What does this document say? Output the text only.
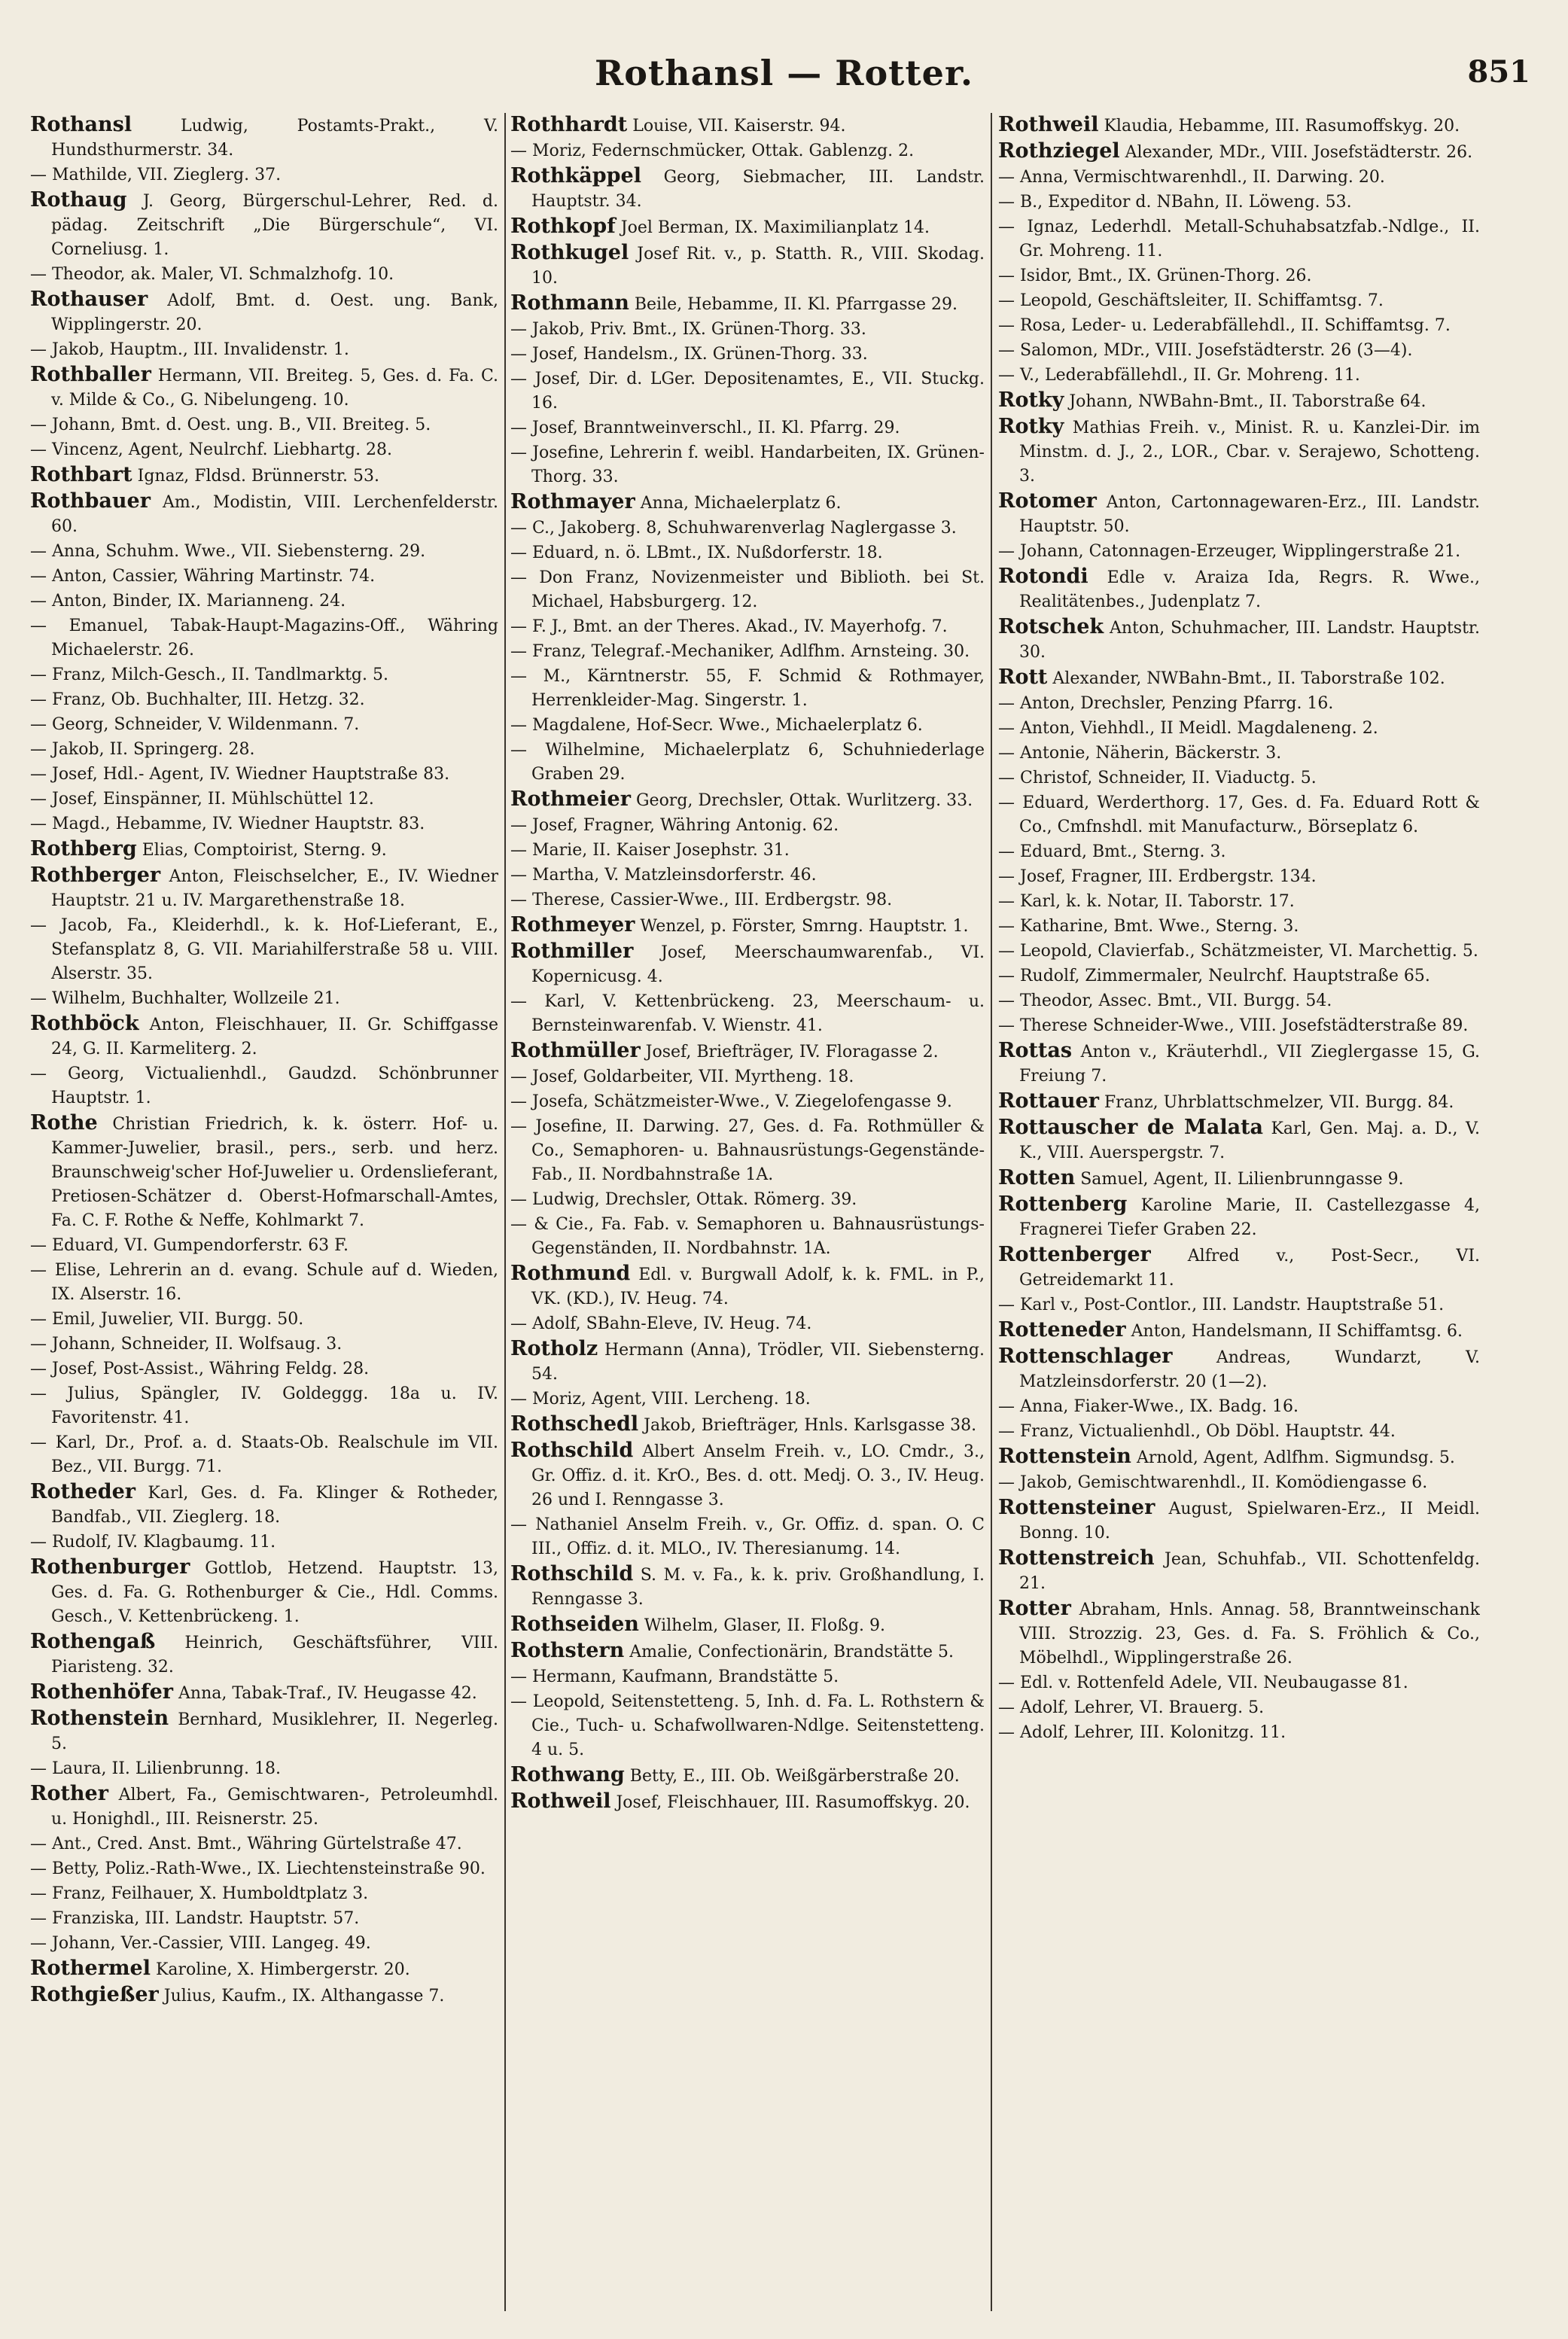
Rothansl — Rotter.	851
Rothansl	Ludwig, Postamts-Prakt., V. Hundsthurmerstr. 34.
— Mathilde, VII. Zieglerg. 37.
Rothaug J. Georg, Bürgerschul-Lehrer, Red. d. pädag. Zeitschrift „Die Bürgerschule“, VI. Corneliusg. 1.
— Theodor, ak. Maler, VI. Schmalzhofg. 10.
Rothauser Adolf, Bmt. d. Oest. ung. Bank, Wipplingerstr. 20.
— Jakob, Hauptm., III. Invalidenstr. 1.
Rothballer Hermann, VII. Breiteg. 5, Ges. d. Fa. C. v. Milde & Co., G. Nibelungeng. 10.
— Johann, Bmt. d. Oest. ung. B., VII. Breiteg. 5.
— Vincenz, Agent, Neulrchf. Liebhartg. 28.
Rothbart Ignaz, Fldsd. Brünnerstr. 53.
Rothbauer Am., Modistin, VIII. Lerchenfelderstr. 60.
— Anna, Schuhm. Wwe., VII. Siebensterng. 29.
— Anton, Cassier, Währing Martinstr. 74.
— Anton, Binder, IX. Marianneng. 24.
— Emanuel, Tabak-Haupt-Magazins-Off., Währing Michaelerstr. 26.
— Franz, Milch-Gesch., II. Tandlmarktg. 5.
— Franz, Ob. Buchhalter, III. Hetzg. 32.
— Georg, Schneider, V. Wildenmann. 7.
— Jakob, II. Springerg. 28.
— Josef, Hdl.- Agent, IV. Wiedner Hauptstraße 83.
— Josef, Einspänner, II. Mühlschüttel 12.
— Magd., Hebamme, IV. Wiedner Hauptstr. 83.
Rothberg Elias, Comptoirist, Sterng. 9.
Rothberger Anton, Fleischselcher, E., IV. Wiedner Hauptstr. 21 u. IV. Margarethenstraße 18.
— Jacob, Fa., Kleiderhdl., k. k. Hof-Lieferant, E., Stefansplatz 8, G. VII. Mariahilferstraße 58 u. VIII. Alserstr. 35.
— Wilhelm, Buchhalter, Wollzeile 21.
Rothböck Anton, Fleischhauer, II. Gr. Schiffgasse 24, G. II. Karmeliterg. 2.
— Georg, Victualienhdl., Gaudzd. Schönbrunner Hauptstr. 1.
Rothe Christian Friedrich, k. k. österr. Hof- u. Kammer-Juwelier, brasil., pers., serb. und herz. Braunschweig'scher Hof-Juwelier u. Ordenslieferant, Pretiosen-Schätzer d. Oberst-Hofmarschall-Amtes, Fa. C. F. Rothe & Neffe, Kohlmarkt 7.
— Eduard, VI. Gumpendorferstr. 63 F.
— Elise, Lehrerin an d. evang. Schule auf d. Wieden, IX. Alserstr. 16.
— Emil, Juwelier, VII. Burgg. 50.
— Johann, Schneider, II. Wolfsaug. 3.
— Josef, Post-Assist., Währing Feldg. 28.
— Julius, Spängler, IV. Goldeggg. 18a u. IV. Favoritenstr. 41.
— Karl, Dr., Prof. a. d. Staats-Ob. Realschule im VII. Bez., VII. Burgg. 71.
Rotheder Karl, Ges. d. Fa. Klinger & Rotheder, Bandfab., VII. Zieglerg. 18.
— Rudolf, IV. Klagbaumg. 11.
Rothenburger Gottlob, Hetzend. Hauptstr. 13, Ges. d. Fa. G. Rothenburger & Cie., Hdl. Comms. Gesch., V. Kettenbrückeng. 1.
Rothengaß Heinrich, Geschäftsführer, VIII. Piaristeng. 32.
Rothenhöfer Anna, Tabak-Traf., IV. Heugasse 42.
Rothenstein Bernhard, Musiklehrer, II. Negerleg. 5.
— Laura, II. Lilienbrunng. 18.
Rother Albert, Fa., Gemischtwaren-, Petroleumhdl. u. Honighdl., III. Reisnerstr. 25.
— Ant., Cred. Anst. Bmt., Währing Gürtelstraße 47.
— Betty, Poliz.-Rath-Wwe., IX. Liechtensteinstraße 90.
— Franz, Feilhauer, X. Humboldtplatz 3.
— Franziska, III. Landstr. Hauptstr. 57.
— Johann, Ver.-Cassier, VIII. Langeg. 49.
Rothermel Karoline, X. Himbergerstr. 20.
Rothgießer Julius, Kaufm., IX. Althangasse 7.
Rothhardt Louise, VII. Kaiserstr. 94.
— Moriz, Federnschmücker, Ottak. Gablenzg. 2.
Rothkäppel Georg, Siebmacher, III. Landstr. Hauptstr. 34.
Rothkopf Joel Berman, IX. Maximilianplatz 14.
Rothkugel Josef Rit. v., p. Statth. R., VIII. Skodag. 10.
Rothmann Beile, Hebamme, II. Kl. Pfarrgasse 29.
— Jakob, Priv. Bmt., IX. Grünen-Thorg. 33.
— Josef, Handelsm., IX. Grünen-Thorg. 33.
— Josef, Dir. d. LGer. Depositenamtes, E., VII. Stuckg. 16.
— Josef, Branntweinverschl., II. Kl. Pfarrg. 29.
— Josefine, Lehrerin f. weibl. Handarbeiten, IX. Grünen-Thorg. 33.
Rothmayer Anna, Michaelerplatz 6.
— C., Jakoberg. 8, Schuhwarenverlag Naglergasse 3.
— Eduard, n. ö. LBmt., IX. Nußdorferstr. 18.
— Don Franz, Novizenmeister und Biblioth. bei St. Michael, Habsburgerg. 12.
— F. J., Bmt. an der Theres. Akad., IV. Mayerhofg. 7.
— Franz, Telegraf.-Mechaniker, Adlfhm. Arnsteing. 30.
— M., Kärntnerstr. 55, F. Schmid & Rothmayer, Herrenkleider-Mag. Singerstr. 1.
— Magdalene, Hof-Secr. Wwe., Michaelerplatz 6.
— Wilhelmine, Michaelerplatz 6, Schuhniederlage Graben 29.
Rothmeier Georg, Drechsler, Ottak. Wurlitzerg. 33.
— Josef, Fragner, Währing Antonig. 62.
— Marie, II. Kaiser Josephstr. 31.
— Martha, V. Matzleinsdorferstr. 46.
— Therese, Cassier-Wwe., III. Erdbergstr. 98.
Rothmeyer Wenzel, p. Förster, Smrng. Hauptstr. 1.
Rothmiller Josef, Meerschaumwarenfab., VI. Kopernicusg. 4.
— Karl, V. Kettenbrückeng. 23, Meerschaum- u. Bernsteinwarenfab. V. Wienstr. 41.
Rothmüller Josef, Briefträger, IV. Floragasse 2.
— Josef, Goldarbeiter, VII. Myrtheng. 18.
— Josefa, Schätzmeister-Wwe., V. Ziegelofengasse 9.
— Josefine, II. Darwing. 27, Ges. d. Fa. Rothmüller & Co., Semaphoren- u. Bahnausrüstungs-Gegenstände-Fab., II. Nordbahnstraße 1A.
— Ludwig, Drechsler, Ottak. Römerg. 39.
— & Cie., Fa. Fab. v. Semaphoren u. Bahnausrüstungs-Gegenständen, II. Nordbahnstr. 1A.
Rothmund Edl. v. Burgwall Adolf, k. k. FML. in P., VK. (KD.), IV. Heug. 74.
— Adolf, SBahn-Eleve, IV. Heug. 74.
Rotholz Hermann (Anna), Trödler, VII. Siebensterng. 54.
— Moriz, Agent, VIII. Lercheng. 18.
Rothschedl Jakob, Briefträger, Hnls. Karlsgasse 38.
Rothschild Albert Anselm Freih. v., LO. Cmdr., 3., Gr. Offiz. d. it. KrO., Bes. d. ott. Medj. O. 3., IV. Heug. 26 und I. Renngasse 3.
— Nathaniel Anselm Freih. v., Gr. Offiz. d. span. O. C III., Offiz. d. it. MLO., IV. Theresianumg. 14.
Rothschild S. M. v. Fa., k. k. priv. Großhandlung, I. Renngasse 3.
Rothseiden Wilhelm, Glaser, II. Floßg. 9.
Rothstern Amalie, Confectionärin, Brandstätte 5.
— Hermann, Kaufmann, Brandstätte 5.
— Leopold, Seitenstetteng. 5, Inh. d. Fa. L. Rothstern & Cie., Tuch- u. Schafwollwaren-Ndlge. Seitenstetteng. 4 u. 5.
Rothwang Betty, E., III. Ob. Weißgärberstraße 20.
Rothweil Josef, Fleischhauer, III. Rasumoffskyg. 20.
Rothweil Klaudia, Hebamme, III. Rasumoffskyg. 20.
Rothziegel Alexander, MDr., VIII. Josefstädterstr. 26.
— Anna, Vermischtwarenhdl., II. Darwing. 20.
— B., Expeditor d. NBahn, II. Löweng. 53.
— Ignaz, Lederhdl. Metall-Schuhabsatzfab.-Ndlge., II. Gr. Mohreng. 11.
— Isidor, Bmt., IX. Grünen-Thorg. 26.
— Leopold, Geschäftsleiter, II. Schiffamtsg. 7.
— Rosa, Leder- u. Lederabfällehdl., II. Schiffamtsg. 7.
— Salomon, MDr., VIII. Josefstädterstr. 26 (3—4).
— V., Lederabfällehdl., II. Gr. Mohreng. 11.
Rotky Johann, NWBahn-Bmt., II. Taborstraße 64.
Rotky Mathias Freih. v., Minist. R. u. Kanzlei-Dir. im Minstm. d. J., 2., LOR., Cbar. v. Serajewo, Schotteng. 3.
Rotomer Anton, Cartonnagewaren-Erz., III. Landstr. Hauptstr. 50.
— Johann, Catonnagen-Erzeuger, Wipplingerstraße 21.
Rotondi Edle v. Araiza Ida, Regrs. R. Wwe., Realitätenbes., Judenplatz 7.
Rotschek Anton, Schuhmacher, III. Landstr. Hauptstr. 30.
Rott Alexander, NWBahn-Bmt., II. Taborstraße 102.
— Anton, Drechsler, Penzing Pfarrg. 16.
— Anton, Viehhdl., II Meidl. Magdaleneng. 2.
— Antonie, Näherin, Bäckerstr. 3.
— Christof, Schneider, II. Viaductg. 5.
— Eduard, Werderthorg. 17, Ges. d. Fa. Eduard Rott & Co., Cmfnshdl. mit Manufacturw., Börseplatz 6.
— Eduard, Bmt., Sterng. 3.
— Josef, Fragner, III. Erdbergstr. 134.
— Karl, k. k. Notar, II. Taborstr. 17.
— Katharine, Bmt. Wwe., Sterng. 3.
— Leopold, Clavierfab., Schätzmeister, VI. Marchettig. 5.
— Rudolf, Zimmermaler, Neulrchf. Hauptstraße 65.
— Theodor, Assec. Bmt., VII. Burgg. 54.
— Therese Schneider-Wwe., VIII. Josefstädterstraße 89.
Rottas Anton v., Kräuterhdl., VII Zieglergasse 15, G. Freiung 7.
Rottauer Franz, Uhrblattschmelzer, VII. Burgg. 84.
Rottauscher de Malata Karl, Gen. Maj. a. D., V. K., VIII. Auerspergstr. 7.
Rotten Samuel, Agent, II. Lilienbrunngasse 9.
Rottenberg Karoline Marie, II. Castellezgasse 4, Fragnerei Tiefer Graben 22.
Rottenberger Alfred v., Post-Secr., VI. Getreidemarkt 11.
— Karl v., Post-Contlor., III. Landstr. Hauptstraße 51.
Rotteneder Anton, Handelsmann, II Schiffamtsg. 6.
Rottenschlager	Andreas, Wundarzt, V. Matzleinsdorferstr. 20 (1—2).
— Anna, Fiaker-Wwe., IX. Badg. 16.
— Franz, Victualienhdl., Ob Döbl. Hauptstr. 44.
Rottenstein Arnold, Agent, Adlfhm. Sigmundsg. 5.
— Jakob, Gemischtwarenhdl., II. Komödiengasse 6.
Rottensteiner August, Spielwaren-Erz., II Meidl. Bonng. 10.
Rottenstreich Jean, Schuhfab., VII. Schottenfeldg. 21.
Rotter Abraham, Hnls. Annag. 58, Branntweinschank VIII. Strozzig. 23, Ges. d. Fa. S. Fröhlich & Co., Möbelhdl., Wipplingerstraße 26.
— Edl. v. Rottenfeld Adele, VII. Neubaugasse 81.
— Adolf, Lehrer, VI. Brauerg. 5.
— Adolf, Lehrer, III. Kolonitzg. 11.
